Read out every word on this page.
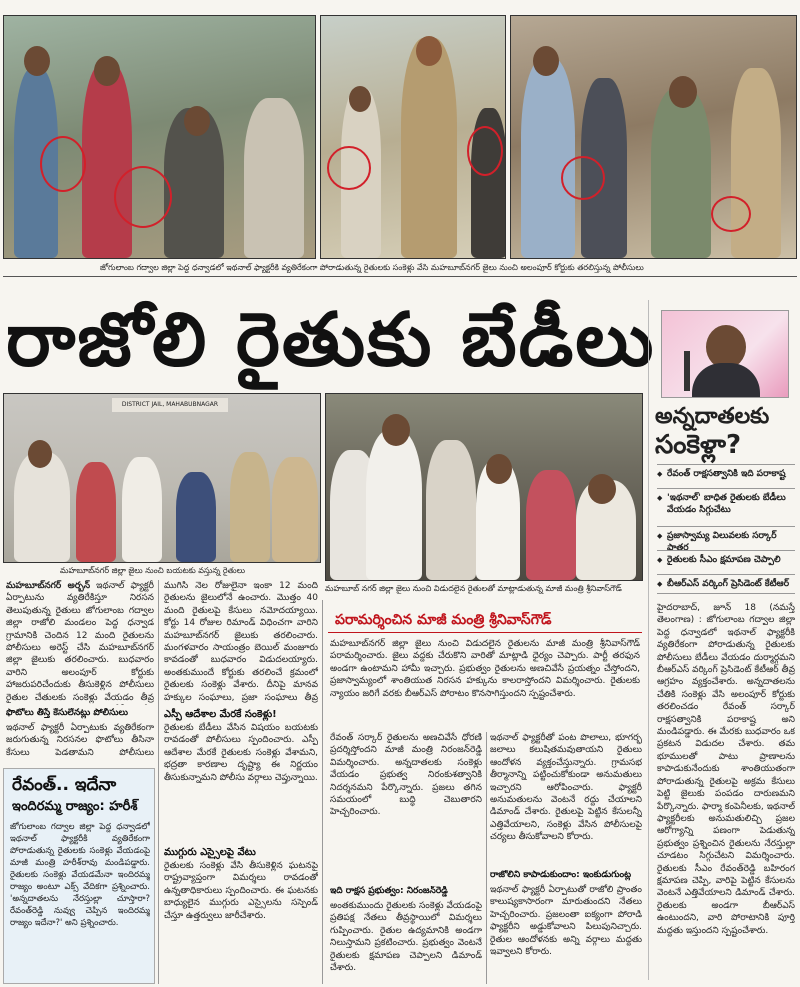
జోగులాంబ గద్వాల జిల్లా పెద్ద ధన్వాడలో ఇథనాల్ ఫ్యాక్టరీకి వ్యతిరేకంగా పోరాడుతున్న రైతులకు సంకెళ్లు వేసి మహబూబ్‌నగర్ జైలు నుంచి అలంపూర్ కోర్టుకు తరలిస్తున్న పోలీసులు
రాజోలి రైతుకు బేడీలు
DISTRICT JAIL, MAHABUBNAGAR
మహబూబ్‌నగర్ జిల్లా జైలు నుంచి బయటకు వస్తున్న రైతులు
మహబూబ్ నగర్ జిల్లా జైలు నుంచి విడుదలైన రైతులతో మాట్లాడుతున్న మాజీ మంత్రి శ్రీనివాస్‌గౌడ్
మహబూబ్‌నగర్ అర్బన్‌ ఇథనాల్ ఫ్యాక్టరీ ఏర్పాటును వ్యతిరేకిస్తూ నిరసన తెలుపుతున్న రైతులు జోగులాంబ గద్వాల జిల్లా రాజోలి మండలం పెద్ద ధన్వాడ గ్రామానికి చెందిన 12 మంది రైతులను పోలీసులు అరెస్ట్ చేసి మహబూబ్‌నగర్ జిల్లా జైలుకు తరలించారు. బుధవారం వారిని అలంపూర్ కోర్టుకు హాజరుపరిచేందుకు తీసుకెళ్లిన పోలీసులు రైతుల చేతులకు సంకెళ్లు వేయడం తీవ్ర
ఫొటోలు తీస్తే కేసులేనట్లు పోలీసులు
ఇథనాల్ ఫ్యాక్టరీ ఏర్పాటుకు వ్యతిరేకంగా జరుగుతున్న నిరసనల ఫొటోలు తీసినా కేసులు పెడతామని పోలీసులు
రేవంత్.. ఇదేనా
ఇందిరమ్మ రాజ్యం: హరీశ్
జోగులాంబ గద్వాల జిల్లా పెద్ద ధన్వాడలో ఇథనాల్ ఫ్యాక్టరీకి వ్యతిరేకంగా పోరాడుతున్న రైతులకు సంకెళ్లు వేయడంపై మాజీ మంత్రి హరీశ్‌రావు మండిపడ్డారు. రైతులకు సంకెళ్లు వేయడమేనా ఇందిరమ్మ రాజ్యం అంటూ ఎక్స్ వేదికగా ప్రశ్నించారు. 'అన్నదాతలను నేరస్తుల్లా చూస్తారా? రేవంత్‌రెడ్డి నువ్వు చెప్పిన ఇందిరమ్మ రాజ్యం ఇదేనా?' అని ప్రశ్నించారు.
ముగిసి నెల రోజులైనా ఇంకా 12 మంది రైతులను జైలులోనే ఉంచారు. మొత్తం 40 మంది రైతులపై కేసులు నమోదయ్యాయి. కోర్టు 14 రోజుల రిమాండ్ విధించగా వారిని మహబూబ్‌నగర్ జైలుకు తరలించారు. మంగళవారం సాయంత్రం బెయిల్ మంజూరు కావడంతో బుధవారం విడుదలయ్యారు. అంతకుముందే కోర్టుకు తరలించే క్రమంలో రైతులకు సంకెళ్లు వేశారు. దీనిపై మానవ హక్కుల సంఘాలు, ప్రజా సంఘాలు తీవ్ర
ఎస్పీ ఆదేశాల మేరకే సంకెళ్లు!
రైతులకు బేడీలు వేసిన విషయం బయటకు రావడంతో పోలీసులు స్పందించారు. ఎస్పీ ఆదేశాల మేరకే రైతులకు సంకెళ్లు వేశామని, భద్రతా కారణాల దృష్ట్యా ఈ నిర్ణయం తీసుకున్నామని పోలీసు వర్గాలు చెప్తున్నాయి.
ముగ్గురు ఎస్సైలపై వేటు
రైతులకు సంకెళ్లు వేసి తీసుకెళ్లిన ఘటనపై రాష్ట్రవ్యాప్తంగా విమర్శలు రావడంతో ఉన్నతాధికారులు స్పందించారు. ఈ ఘటనకు బాధ్యులైన ముగ్గురు ఎస్సైలను సస్పెండ్ చేస్తూ ఉత్తర్వులు జారీచేశారు.
పరామర్శించిన మాజీ మంత్రి శ్రీనివాస్‌గౌడ్
మహబూబ్‌నగర్ జిల్లా జైలు నుంచి విడుదలైన రైతులను మాజీ మంత్రి శ్రీనివాస్‌గౌడ్ పరామర్శించారు. జైలు వద్దకు చేరుకొని వారితో మాట్లాడి ధైర్యం చెప్పారు. పార్టీ తరఫున అండగా ఉంటామని హామీ ఇచ్చారు. ప్రభుత్వం రైతులను అణచివేసే ప్రయత్నం చేస్తోందని, ప్రజాస్వామ్యంలో శాంతియుత నిరసన హక్కును కాలరాస్తోందని విమర్శించారు. రైతులకు న్యాయం జరిగే వరకు బీఆర్ఎస్ పోరాటం కొనసాగిస్తుందని స్పష్టంచేశారు.
రేవంత్ సర్కార్ రైతులను అణచివేసే ధోరణి ప్రదర్శిస్తోందని మాజీ మంత్రి నిరంజన్‌రెడ్డి విమర్శించారు. అన్నదాతలకు సంకెళ్లు వేయడం ప్రభుత్వ నిరంకుశత్వానికి నిదర్శనమని పేర్కొన్నారు. ప్రజలు తగిన సమయంలో బుద్ధి చెబుతారని హెచ్చరించారు.
ఇది రాక్షస ప్రభుత్వం: నిరంజన్‌రెడ్డి
అంతకుముందు రైతులకు సంకెళ్లు వేయడంపై ప్రతిపక్ష నేతలు తీవ్రస్థాయిలో విమర్శలు గుప్పించారు. రైతుల ఉద్యమానికి అండగా నిలుస్తామని ప్రకటించారు. ప్రభుత్వం వెంటనే రైతులకు క్షమాపణ చెప్పాలని డిమాండ్ చేశారు.
ఇథనాల్ ఫ్యాక్టరీతో పంట పొలాలు, భూగర్భ జలాలు కలుషితమవుతాయని రైతులు ఆందోళన వ్యక్తంచేస్తున్నారు. గ్రామసభ తీర్మానాన్ని పట్టించుకోకుండా అనుమతులు ఇచ్చారని ఆరోపించారు. ఫ్యాక్టరీ అనుమతులను వెంటనే రద్దు చేయాలని డిమాండ్ చేశారు. రైతులపై పెట్టిన కేసులన్నీ ఎత్తివేయాలని, సంకెళ్లు వేసిన పోలీసులపై చర్యలు తీసుకోవాలని కోరారు.
రాజోలిని కాపాడుకుందాం: ఇంకుడుగుంట్ల
ఇథనాల్ ఫ్యాక్టరీ ఏర్పాటుతో రాజోలి ప్రాంతం కాలుష్యకాసారంగా మారుతుందని నేతలు హెచ్చరించారు. ప్రజలంతా ఐక్యంగా పోరాడి ఫ్యాక్టరీని అడ్డుకోవాలని పిలుపునిచ్చారు. రైతుల ఆందోళనకు అన్ని వర్గాలు మద్దతు ఇవ్వాలని కోరారు.
అన్నదాతలకు
సంకెళ్లా?
◆ రేవంత్ రాక్షసత్వానికి ఇది పరాకాష్ట
◆ 'ఇథనాల్' బాధిత రైతులకు బేడీలు వేయడం సిగ్గుచేటు
◆ ప్రజాస్వామ్య విలువలకు సర్కార్ పాతర
◆ రైతులకు సీఎం క్షమాపణ చెప్పాలి
◆ బీఆర్ఎస్ వర్కింగ్ ప్రెసిడెంట్ కేటీఆర్
హైదరాబాద్, జూన్ 18 (నమస్తే తెలంగాణ) : జోగులాంబ గద్వాల జిల్లా పెద్ద ధన్వాడలో ఇథనాల్ ఫ్యాక్టరీకి వ్యతిరేకంగా పోరాడుతున్న రైతులకు పోలీసులు బేడీలు వేయడం దుర్మార్గమని బీఆర్ఎస్ వర్కింగ్ ప్రెసిడెంట్ కేటీఆర్ తీవ్ర ఆగ్రహం వ్యక్తంచేశారు. అన్నదాతలను చేతికి సంకెళ్లు వేసి అలంపూర్ కోర్టుకు తరలించడం రేవంత్ సర్కార్ రాక్షసత్వానికి పరాకాష్ట అని మండిపడ్డారు. ఈ మేరకు బుధవారం ఒక ప్రకటన విడుదల చేశారు. తమ భూములతో పాటు ప్రాణాలను కాపాడుకునేందుకు శాంతియుతంగా పోరాడుతున్న రైతులపై అక్రమ కేసులు పెట్టి జైలుకు పంపడం దారుణమని పేర్కొన్నారు. ఫార్మా కంపెనీలకు, ఇథనాల్ ఫ్యాక్టరీలకు అనుమతులిచ్చి ప్రజల ఆరోగ్యాన్ని పణంగా పెడుతున్న ప్రభుత్వం ప్రశ్నించిన రైతులను నేరస్తుల్లా చూడటం సిగ్గుచేటని విమర్శించారు. రైతులకు సీఎం రేవంత్‌రెడ్డి బహిరంగ క్షమాపణ చెప్పి, వారిపై పెట్టిన కేసులను వెంటనే ఎత్తివేయాలని డిమాండ్ చేశారు. రైతులకు అండగా బీఆర్ఎస్ ఉంటుందని, వారి పోరాటానికి పూర్తి మద్దతు ఇస్తుందని స్పష్టంచేశారు.
